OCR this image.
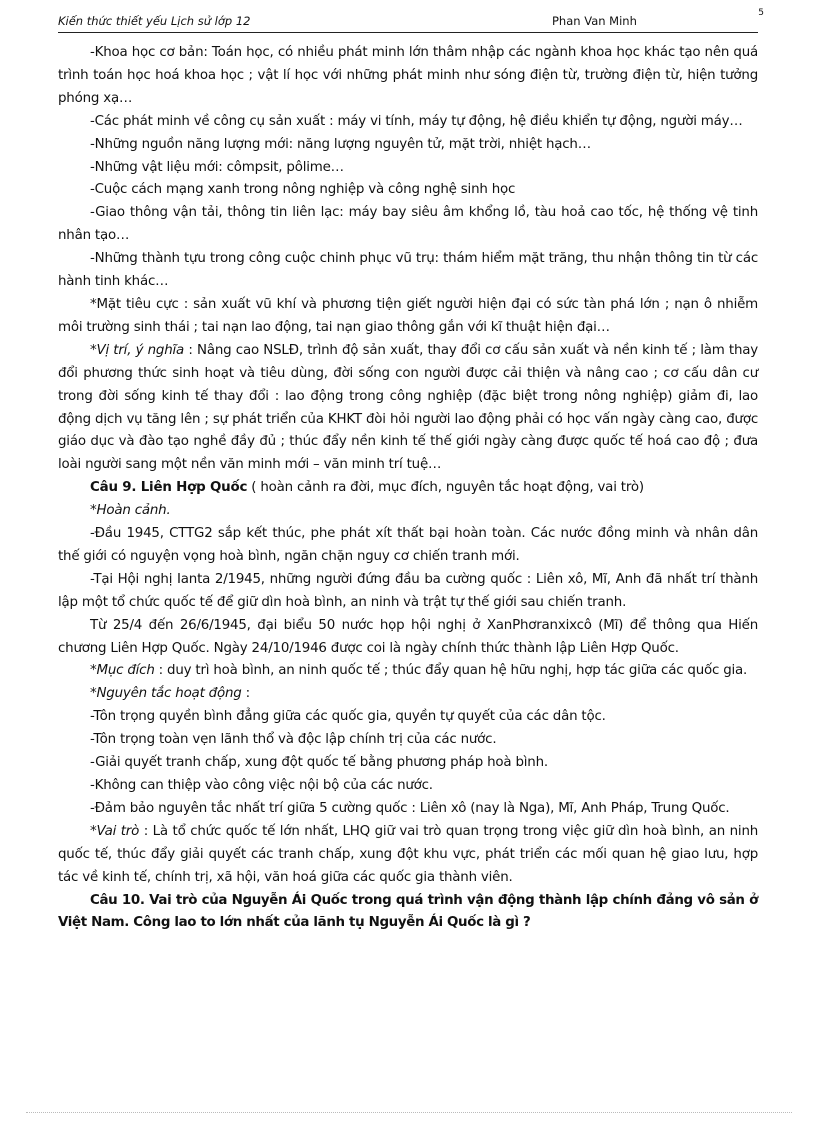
Kiến thức thiết yếu Lịch sử lớp 12	Phan Van Minh
5

-Khoa học cơ bản: Toán học, có nhiều phát minh lớn thâm nhập các ngành khoa học khác tạo nên quá trình toán học hoá khoa học ; vật lí học với những phát minh như sóng điện từ, trường điện từ, hiện tưởng phóng xạ…

-Các phát minh về công cụ sản xuất : máy vi tính, máy tự động, hệ điều khiển tự động, người máy…

-Những nguồn năng lượng mới: năng lượng nguyên tử, mặt trời, nhiệt hạch…

-Những vật liệu mới: cômpsit, pôlime…

-Cuộc cách mạng xanh trong nông nghiệp và công nghệ sinh học

-Giao thông vận tải, thông tin liên lạc: máy bay siêu âm khổng lồ, tàu hoả cao tốc, hệ thống vệ tinh nhân tạo…

-Những thành tựu trong công cuộc chinh phục vũ trụ: thám hiểm mặt trăng, thu nhận thông tin từ các hành tinh khác…

*Mặt tiêu cực : sản xuất vũ khí và phương tiện giết người hiện đại có sức tàn phá lớn ; nạn ô nhiễm môi trường sinh thái ; tai nạn lao động, tai nạn giao thông gắn với kĩ thuật hiện đại…

*Vị trí, ý nghĩa : Nâng cao NSLĐ, trình độ sản xuất, thay đổi cơ cấu sản xuất và nền kinh tế ; làm thay đổi phương thức sinh hoạt và tiêu dùng, đời sống con người được cải thiện và nâng cao ; cơ cấu dân cư trong đời sống kinh tế thay đổi : lao động trong công nghiệp (đặc biệt trong nông nghiệp) giảm đi, lao động dịch vụ tăng lên ; sự phát triển của KHKT đòi hỏi người lao động phải có học vấn ngày càng cao, được giáo dục và đào tạo nghề đầy đủ ; thúc đẩy nền kinh tế thế giới ngày càng được quốc tế hoá cao độ ; đưa loài người sang một nền văn minh mới – văn minh trí tuệ…

Câu 9. Liên Hợp Quốc ( hoàn cảnh ra đời, mục đích, nguyên tắc hoạt động, vai trò)

*Hoàn cảnh.

-Đầu 1945, CTTG2 sắp kết thúc, phe phát xít thất bại hoàn toàn. Các nước đồng minh và nhân dân thế giới có nguyện vọng hoà bình, ngăn chặn nguy cơ chiến tranh mới.

-Tại Hội nghị Ianta 2/1945, những người đứng đầu ba cường quốc : Liên xô, Mĩ, Anh đã nhất trí thành lập một tổ chức quốc tế để giữ dìn hoà bình, an ninh và trật tự thế giới sau chiến tranh.

Từ 25/4 đến 26/6/1945, đại biểu 50 nước họp hội nghị ở XanPhơranxixcô (Mĩ) để thông qua Hiến chương Liên Hợp Quốc. Ngày 24/10/1946 được coi là ngày chính thức thành lập Liên Hợp Quốc.

*Mục đích : duy trì hoà bình, an ninh quốc tế ; thúc đẩy quan hệ hữu nghị, hợp tác giữa các quốc gia.

*Nguyên tắc hoạt động :

-Tôn trọng quyền bình đẳng giữa các quốc gia, quyền tự quyết của các dân tộc.

-Tôn trọng toàn vẹn lãnh thổ và độc lập chính trị của các nước.

-Giải quyết tranh chấp, xung đột quốc tế bằng phương pháp hoà bình.

-Không can thiệp vào công việc nội bộ của các nước.

-Đảm bảo nguyên tắc nhất trí giữa 5 cường quốc : Liên xô (nay là Nga), Mĩ, Anh Pháp, Trung Quốc.

*Vai trò : Là tổ chức quốc tế lớn nhất, LHQ giữ vai trò quan trọng trong việc giữ dìn hoà bình, an ninh quốc tế, thúc đẩy giải quyết các tranh chấp, xung đột khu vực, phát triển các mối quan hệ giao lưu, hợp tác về kinh tế, chính trị, xã hội, văn hoá giữa các quốc gia thành viên.

Câu 10. Vai trò của Nguyễn Ái Quốc trong quá trình vận động thành lập chính đảng vô sản ở Việt Nam. Công lao to lớn nhất của lãnh tụ Nguyễn Ái Quốc là gì ?
